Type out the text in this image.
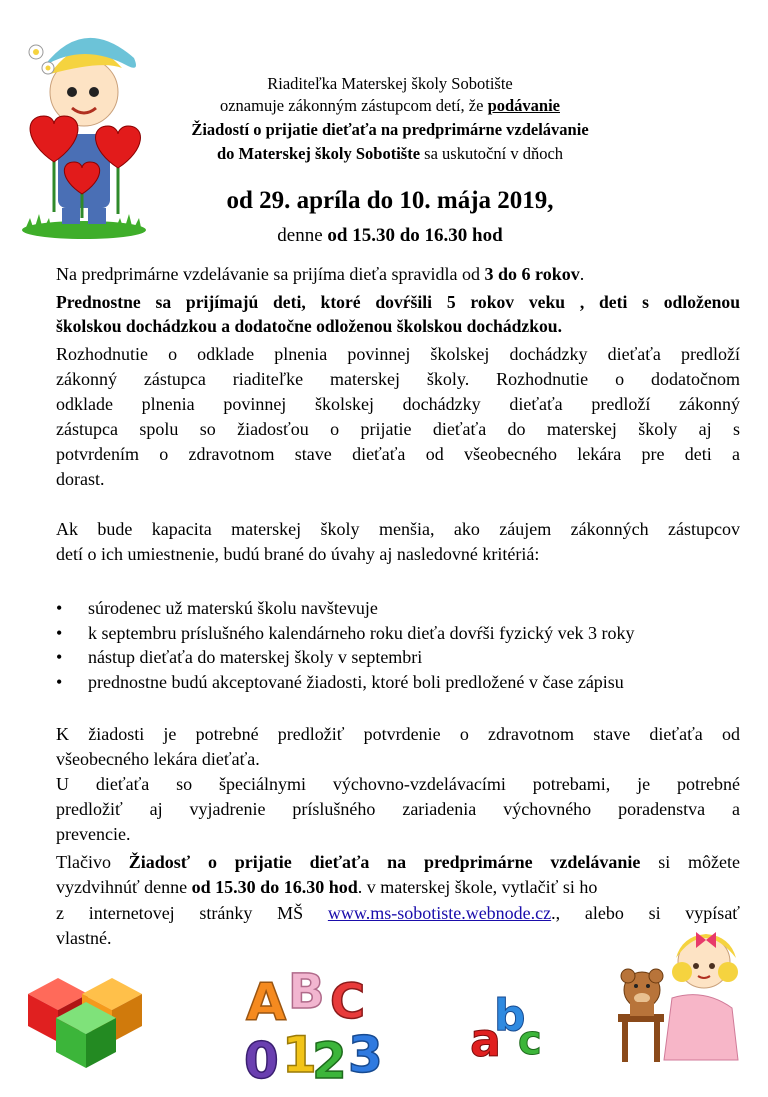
Riaditeľka Materskej školy Sobotište
oznamuje zákonným zástupcom detí, že podávanie
Žiadostí o prijatie dieťaťa na predprimárne vzdelávanie
do Materskej školy Sobotište sa uskutoční v dňoch
od 29. apríla do 10. mája 2019,
denne od 15.30 do 16.30 hod
Na predprimárne vzdelávanie sa prijíma dieťa spravidla od 3 do 6 rokov.
Prednostne sa prijímajú deti, ktoré dovŕšili 5 rokov veku , deti s odloženou
školskou dochádzkou a dodatočne odloženou školskou dochádzkou.
Rozhodnutie o odklade plnenia povinnej školskej dochádzky dieťaťa predloží
zákonný zástupca riaditeľke materskej školy. Rozhodnutie o dodatočnom
odklade plnenia povinnej školskej dochádzky dieťaťa predloží zákonný
zástupca spolu so žiadosťou o prijatie dieťaťa do materskej školy aj s
potvrdením o zdravotnom stave dieťaťa od všeobecného lekára pre deti a
dorast.
Ak bude kapacita materskej školy menšia, ako záujem zákonných zástupcov
detí o ich umiestnenie, budú brané do úvahy aj nasledovné kritériá:
•	súrodenec už materskú školu navštevuje
•	k septembru príslušného kalendárneho roku dieťa dovŕši fyzický vek 3 roky
•	nástup dieťaťa do materskej školy v septembri
•	prednostne budú akceptované žiadosti, ktoré boli predložené v čase zápisu
K žiadosti je potrebné predložiť potvrdenie o zdravotnom stave dieťaťa od
všeobecného lekára dieťaťa.
U dieťaťa so špeciálnymi výchovno-vzdelávacími potrebami, je potrebné
predložiť aj vyjadrenie príslušného zariadenia výchovného poradenstva a
prevencie.
Tlačivo Žiadosť o prijatie dieťaťa na predprimárne vzdelávanie si môžete
vyzdvihnúť denne od 15.30 do 16.30 hod. v materskej škole, vytlačiť si ho
z internetovej stránky MŠ www.ms-sobotiste.webnode.cz., alebo si vypísať
vlastné.
A B C
0 1
2 3 a
b
c
